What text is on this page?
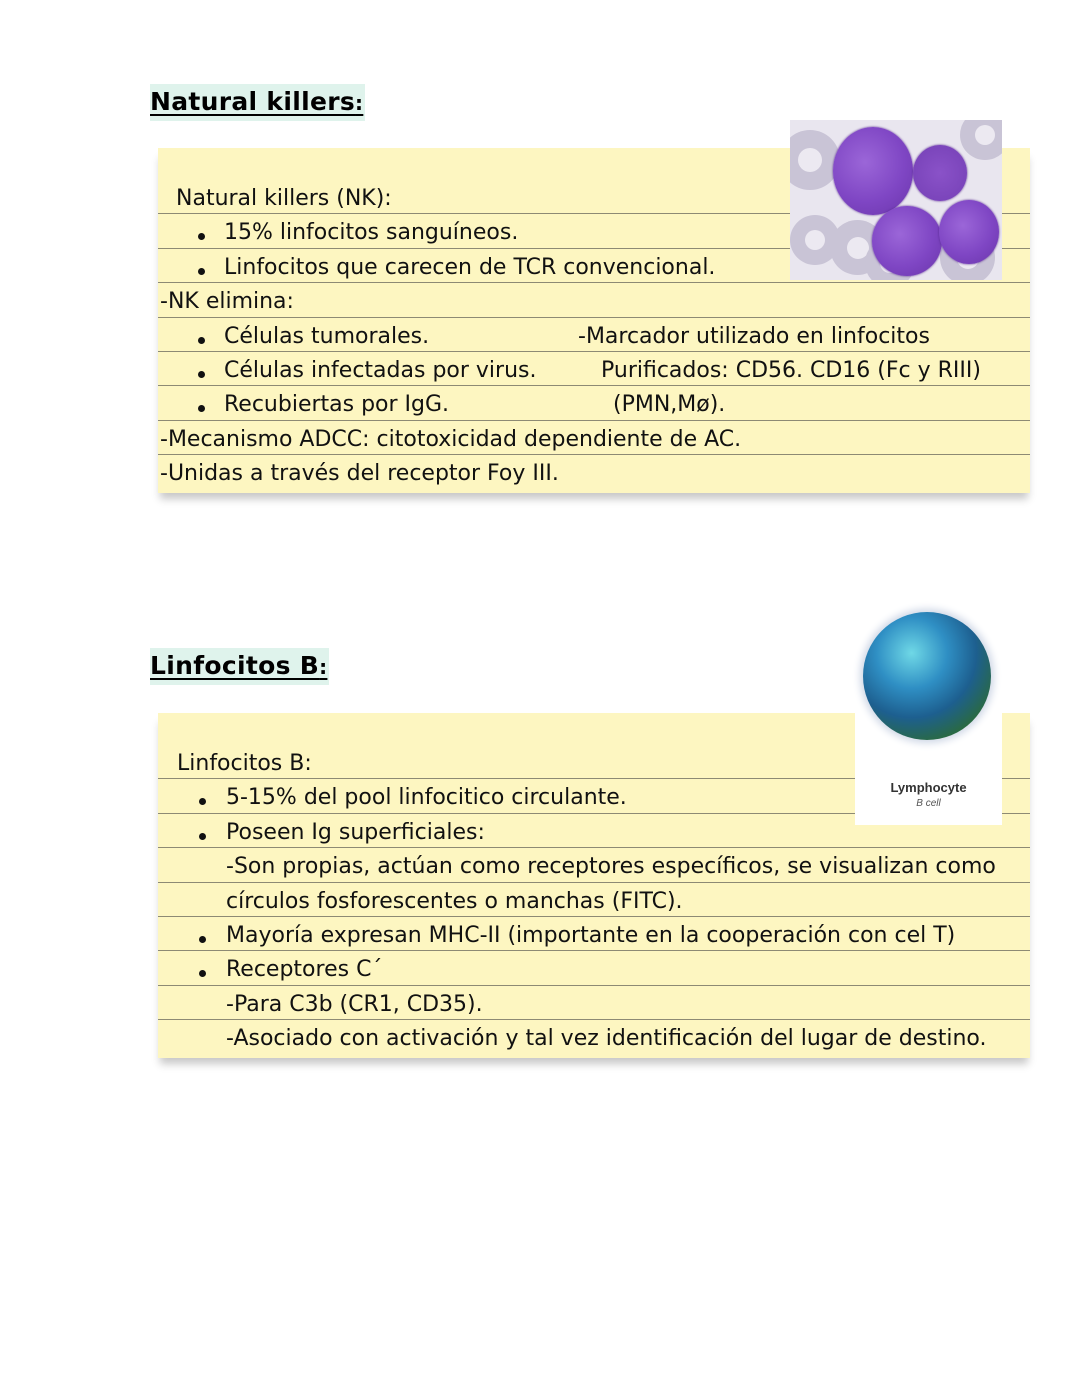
Natural killers:
Natural killers (NK):
15% linfocitos sanguíneos.
Linfocitos que carecen de TCR convencional.
-NK elimina:
Células tumorales.	-Marcador utilizado en linfocitos
Células infectadas por virus.	Purificados: CD56. CD16 (Fc y RIII)
Recubiertas por IgG.	(PMN,Mø).
-Mecanismo ADCC: citotoxicidad dependiente de AC.
-Unidas a través del receptor Foy III.
Linfocitos B:
Linfocitos B:
5-15% del pool linfocitico circulante.
Poseen Ig superficiales:
-Son propias, actúan como receptores específicos, se visualizan como
círculos fosforescentes o manchas (FITC).
Mayoría expresan MHC-II (importante en la cooperación con cel T)
Receptores C´
-Para C3b (CR1, CD35).
-Asociado con activación y tal vez identificación del lugar de destino.
Lymphocyte
B cell
